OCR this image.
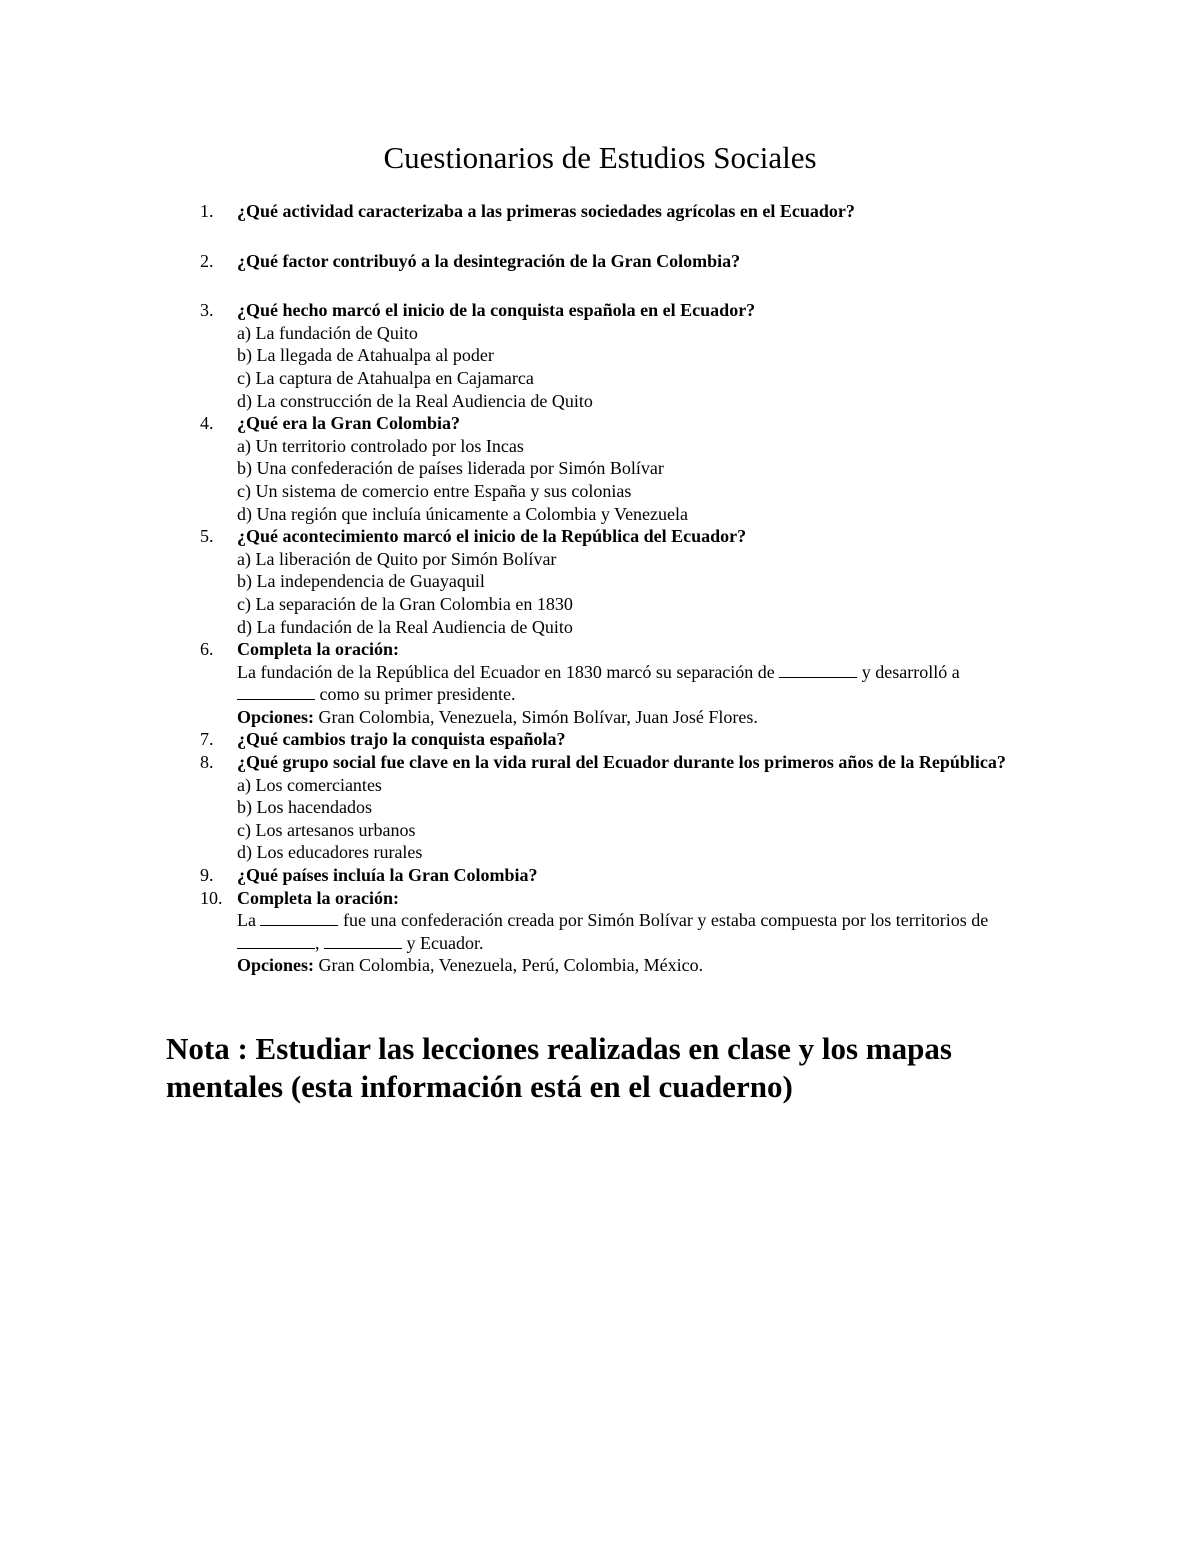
Cuestionarios de Estudios Sociales
1.	¿Qué actividad caracterizaba a las primeras sociedades agrícolas en el Ecuador?
2.	¿Qué factor contribuyó a la desintegración de la Gran Colombia?
3.	¿Qué hecho marcó el inicio de la conquista española en el Ecuador?
a) La fundación de Quito
b) La llegada de Atahualpa al poder
c) La captura de Atahualpa en Cajamarca
d) La construcción de la Real Audiencia de Quito
4.	¿Qué era la Gran Colombia?
a) Un territorio controlado por los Incas
b) Una confederación de países liderada por Simón Bolívar
c) Un sistema de comercio entre España y sus colonias
d) Una región que incluía únicamente a Colombia y Venezuela
5.	¿Qué acontecimiento marcó el inicio de la República del Ecuador?
a) La liberación de Quito por Simón Bolívar
b) La independencia de Guayaquil
c) La separación de la Gran Colombia en 1830
d) La fundación de la Real Audiencia de Quito
6.	Completa la oración:
La fundación de la República del Ecuador en 1830 marcó su separación de	y desarrolló a  como su primer presidente.
Opciones: Gran Colombia, Venezuela, Simón Bolívar, Juan José Flores.
7.	¿Qué cambios trajo la conquista española?
8.	¿Qué grupo social fue clave en la vida rural del Ecuador durante los primeros años de la República?
a) Los comerciantes
b) Los hacendados
c) Los artesanos urbanos
d) Los educadores rurales
9.	¿Qué países incluía la Gran Colombia?
10. Completa la oración:
La	fue una confederación creada por Simón Bolívar y estaba compuesta por los territorios de ,	y Ecuador.
Opciones: Gran Colombia, Venezuela, Perú, Colombia, México.

Nota : Estudiar las lecciones realizadas en clase y los mapas mentales (esta información está en el cuaderno)
